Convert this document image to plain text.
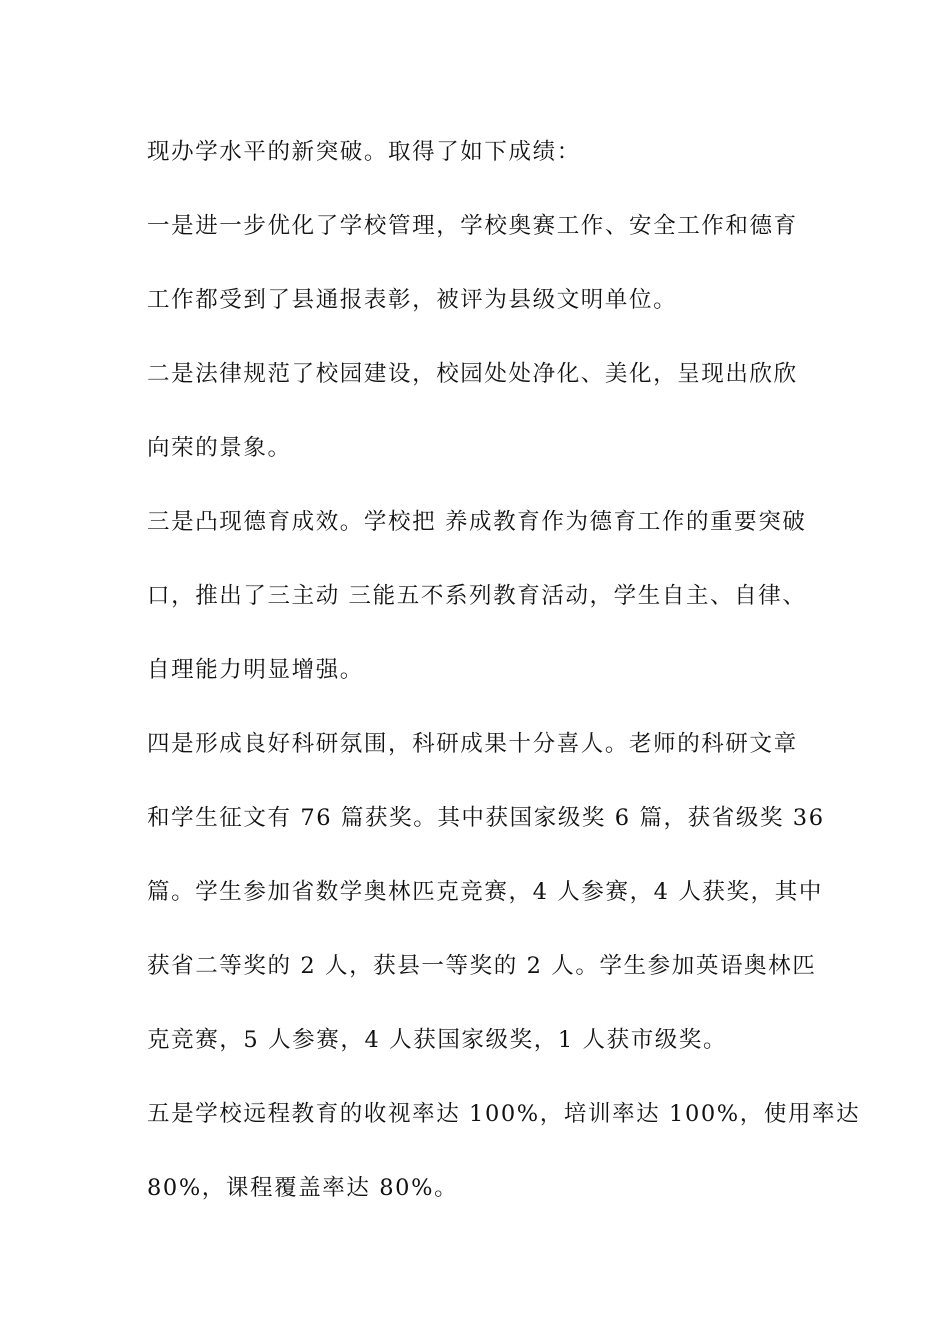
现办学水平的新突破。取得了如下成绩：

一是进一步优化了学校管理，学校奥赛工作、安全工作和德育

工作都受到了县通报表彰，被评为县级文明单位。

二是法律规范了校园建设，校园处处净化、美化，呈现出欣欣

向荣的景象。

三是凸现德育成效。学校把 养成教育作为德育工作的重要突破

口，推出了三主动 三能五不系列教育活动，学生自主、自律、

自理能力明显增强。

四是形成良好科研氛围，科研成果十分喜人。老师的科研文章

和学生征文有 76 篇获奖。其中获国家级奖 6 篇，获省级奖 36

篇。学生参加省数学奥林匹克竞赛，4 人参赛，4 人获奖，其中

获省二等奖的 2 人，获县一等奖的 2 人。学生参加英语奥林匹

克竞赛，5 人参赛，4 人获国家级奖，1 人获市级奖。

五是学校远程教育的收视率达 100%，培训率达 100%，使用率达

80%，课程覆盖率达 80%。
